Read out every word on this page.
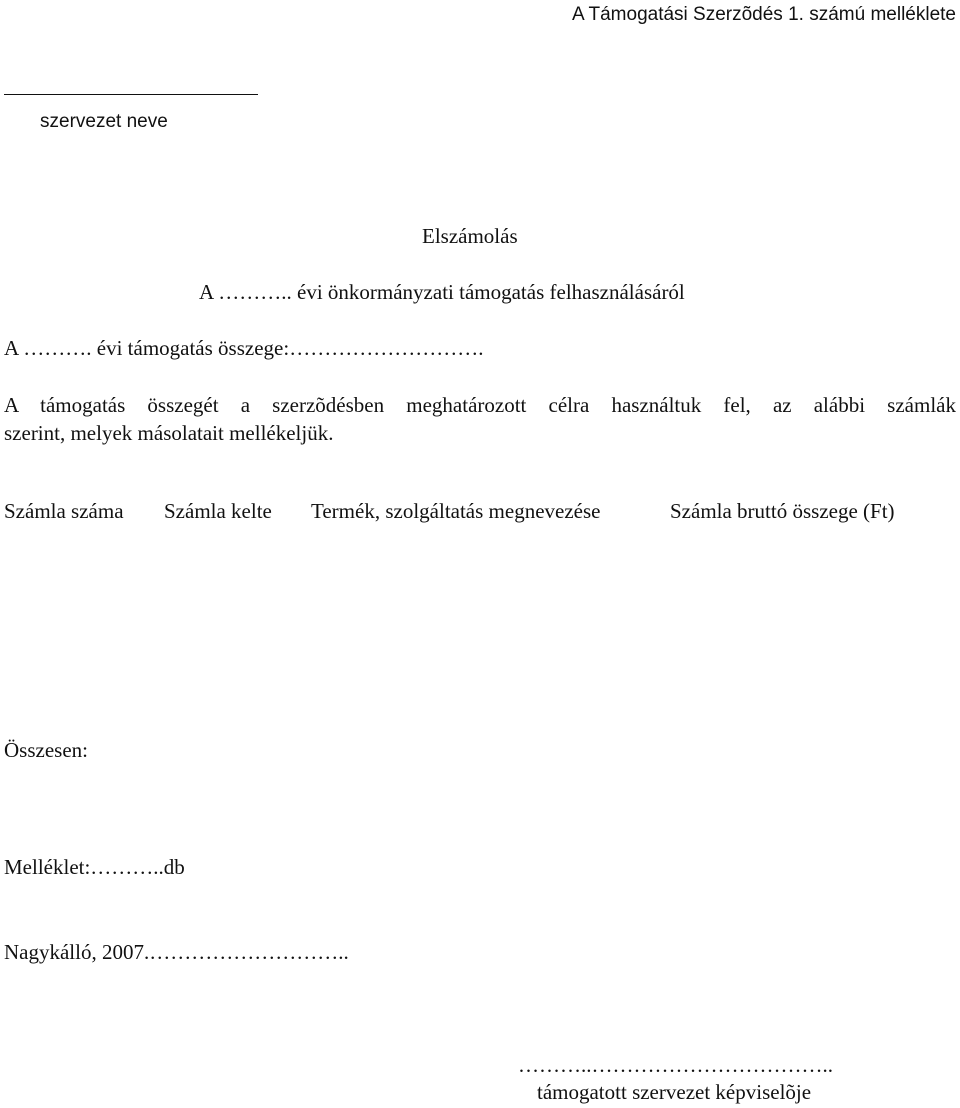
A Támogatási Szerzõdés 1. számú melléklete
szervezet neve
Elszámolás
A ……….. évi önkormányzati támogatás felhasználásáról
A ………. évi támogatás összege:……………………….
A támogatás összegét a szerzõdésben meghatározott célra használtuk fel, az alábbi számlák
szerint, melyek másolatait mellékeljük.
Számla száma Számla kelte Termék, szolgáltatás megnevezése	Számla bruttó összege (Ft)
Összesen:
Melléklet:………..db
Nagykálló, 2007.………………………..
………..……………………………..
támogatott szervezet képviselõje
